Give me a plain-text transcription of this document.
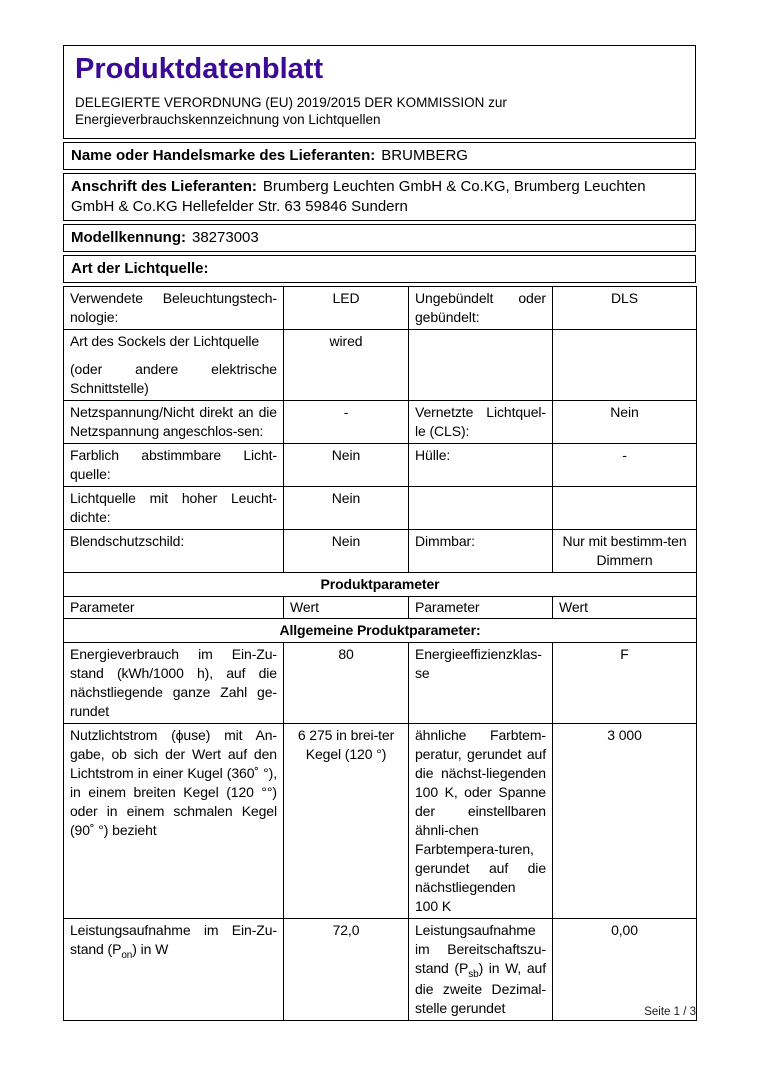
Produktdatenblatt
DELEGIERTE VERORDNUNG (EU) 2019/2015 DER KOMMISSION zur
Energieverbrauchskennzeichnung von Lichtquellen
Name oder Handelsmarke des Lieferanten: BRUMBERG
Anschrift des Lieferanten: Brumberg Leuchten GmbH & Co.KG, Brumberg Leuchten GmbH & Co.KG Hellefelder Str. 63 59846 Sundern
Modellkennung: 38273003
Art der Lichtquelle:
Verwendete Beleuchtungstech-nologie:	LED	Ungebündelt oder gebündelt:	DLS

Art des Sockels der Lichtquelle
(oder andere elektrische Schnittstelle)	wired		
Netzspannung/Nicht direkt an die Netzspannung angeschlos-sen:	-	Vernetzte Lichtquel-le (CLS):	Nein
Farblich abstimmbare Licht-quelle:	Nein	Hülle:	-
Lichtquelle mit hoher Leucht-dichte:	Nein		
Blendschutzschild:	Nein	Dimmbar:	Nur mit bestimm-ten Dimmern
Produktparameter			
Parameter	Wert	Parameter	Wert
Allgemeine Produktparameter:			
Energieverbrauch im Ein-Zu-stand (kWh/1000 h), auf die nächstliegende ganze Zahl ge-rundet	80	Energieeffizienzklas-se	F
Nutzlichtstrom (ϕuse) mit An-gabe, ob sich der Wert auf den Lichtstrom in einer Kugel (360˚ °), in einem breiten Kegel (120 °°) oder in einem schmalen Kegel (90˚ °) bezieht	6 275 in brei-ter Kegel (120 °)	ähnliche Farbtem-peratur, gerundet auf die nächst-liegenden 100 K, oder Spanne der einstellbaren ähnli-chen Farbtempera-turen, gerundet auf die nächstliegenden 100 K	3 000
Leistungsaufnahme im Ein-Zu-stand $(P_{on})$ in W	72,0	Leistungsaufnahme im Bereitschaftszu-stand $(P_{sb})$ in W, auf die zweite Dezimal-stelle gerundet	0,00
Seite 1 / 3
